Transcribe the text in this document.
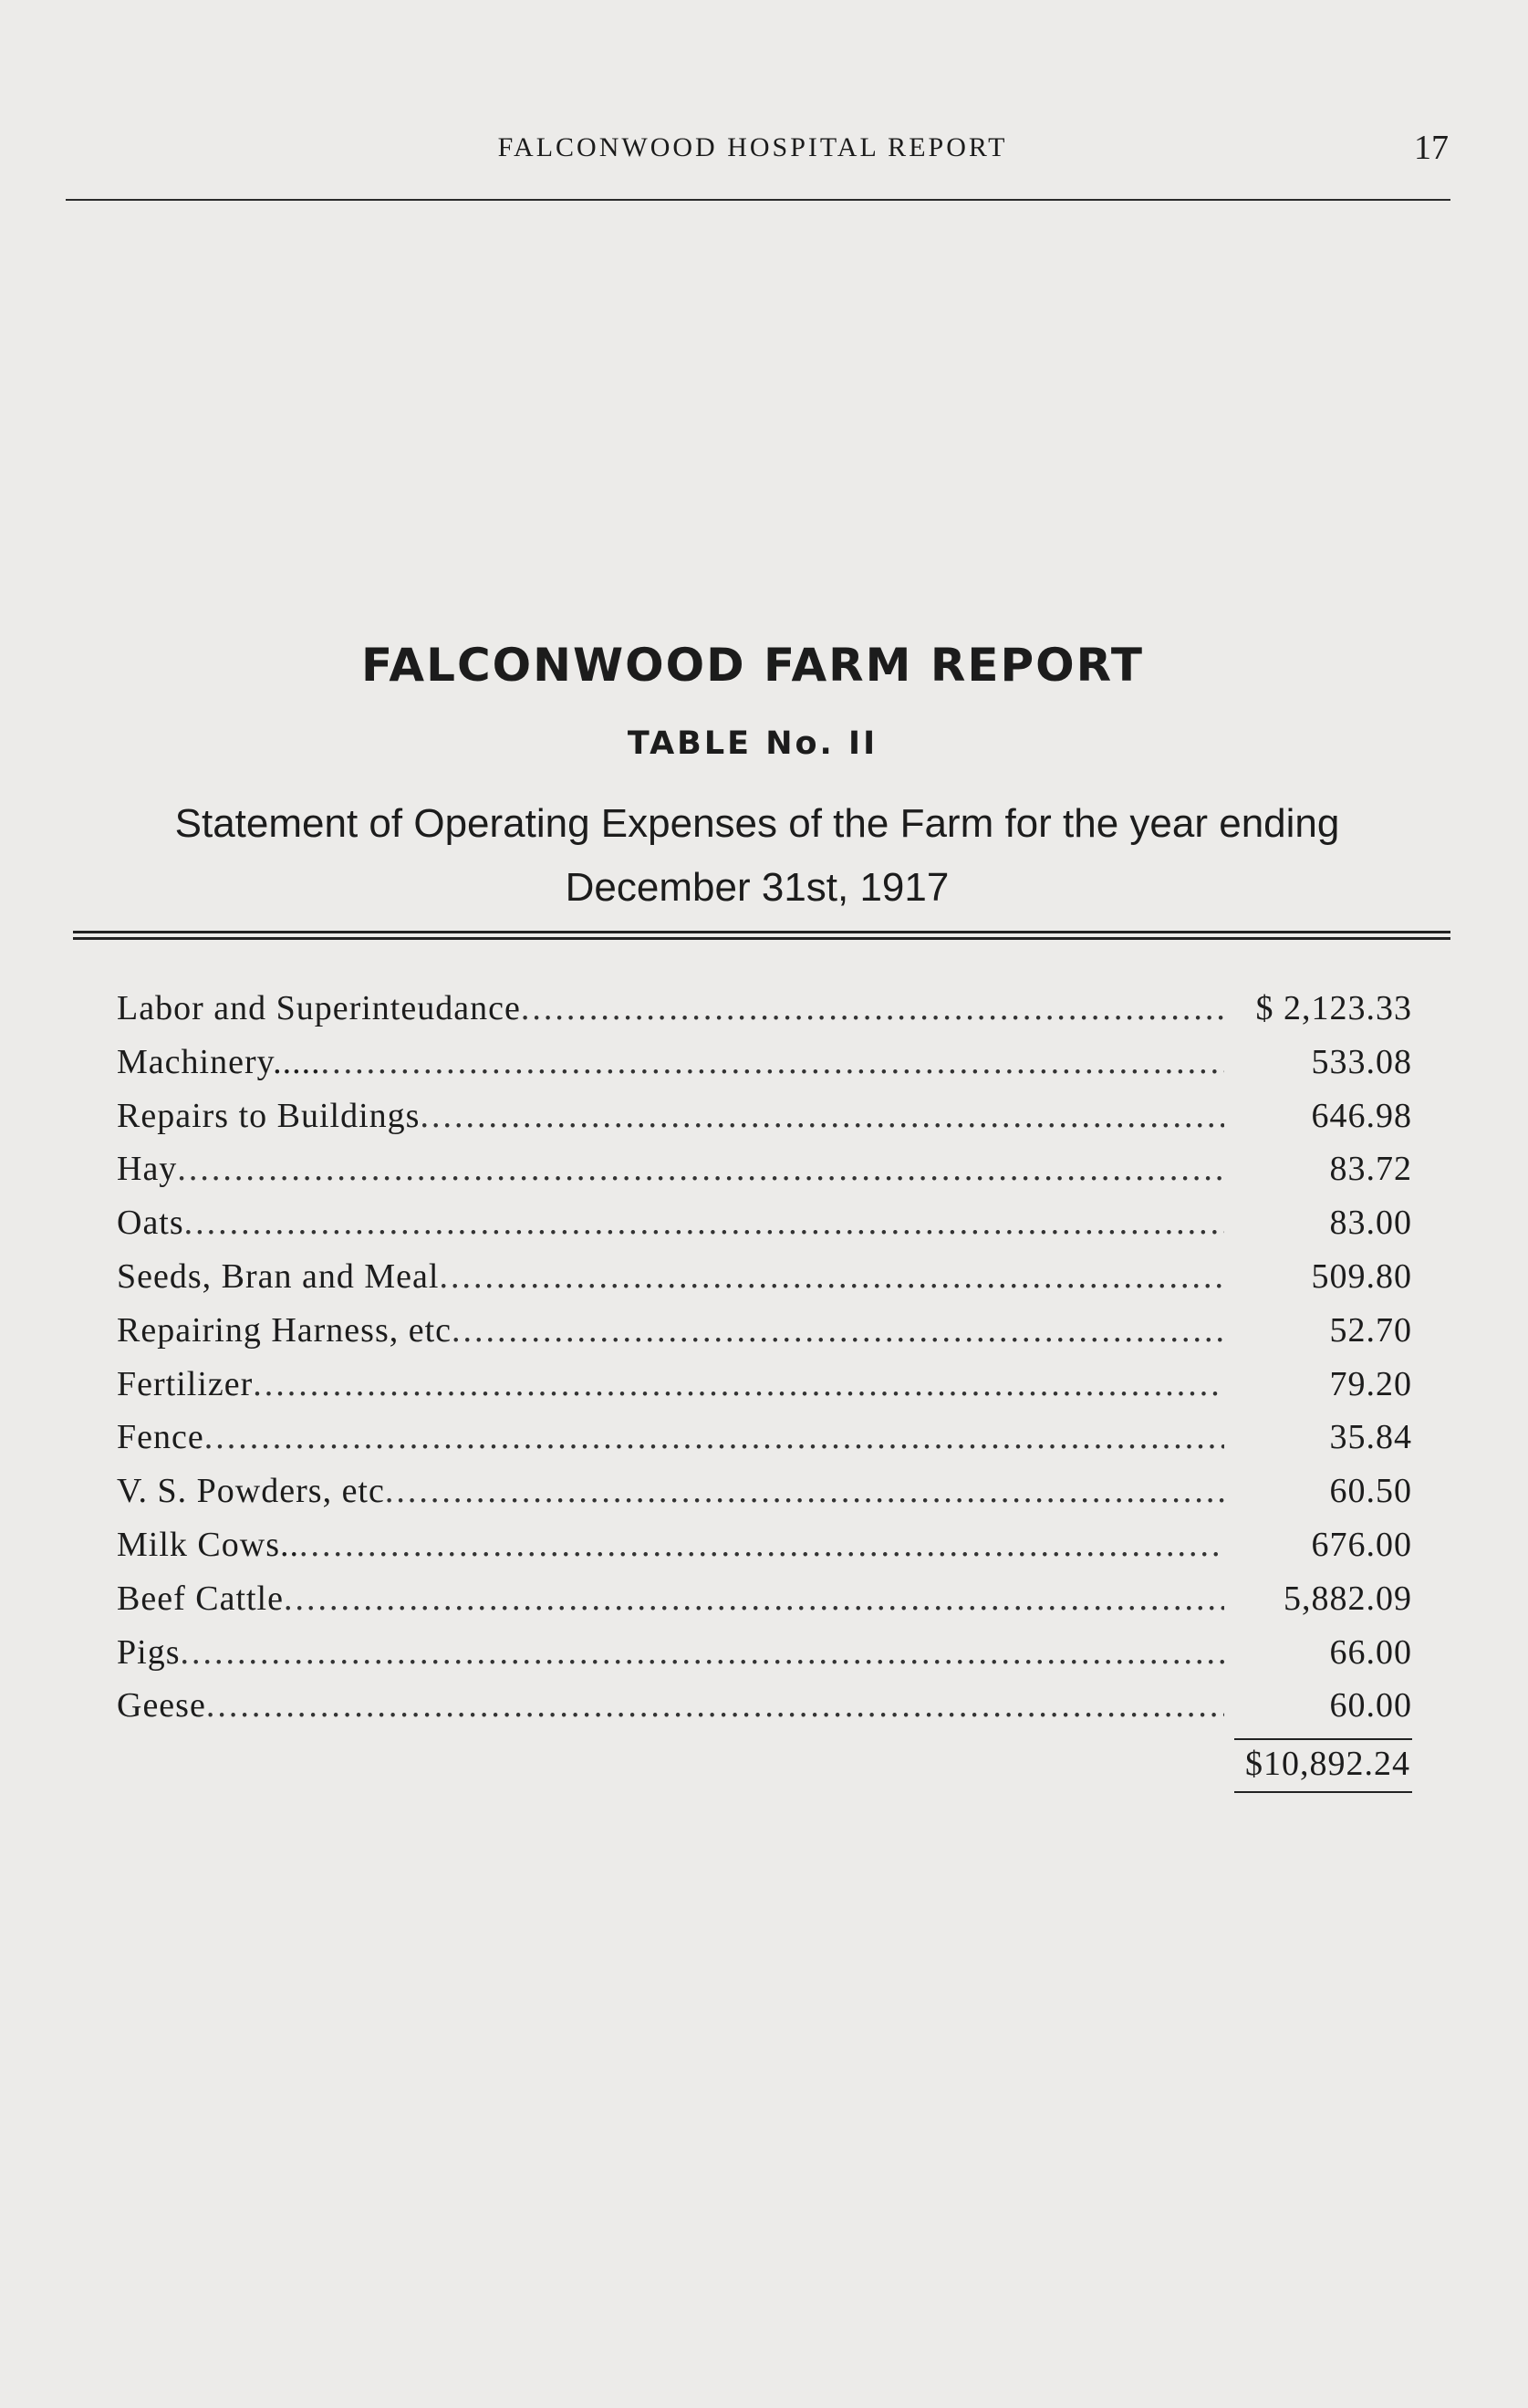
FALCONWOOD HOSPITAL REPORT	17
FALCONWOOD FARM REPORT
TABLE No. II
Statement of Operating Expenses of the Farm for the year ending
December 31st, 1917
Labor and Superinteudance .....	$ 2,123.33
Machinery..... .....	533.08
Repairs to Buildings .....	646.98
Hay .....	83.72
Oats .....	83.00
Seeds, Bran and Meal .....	509.80
Repairing Harness, etc .....	52.70
Fertilizer .....	79.20
Fence .....	35.84
V. S. Powders, etc .....	60.50
Milk Cows.. .....	676.00
Beef Cattle .....	5,882.09
Pigs .....	66.00
Geese .....	60.00
$10,892.24
